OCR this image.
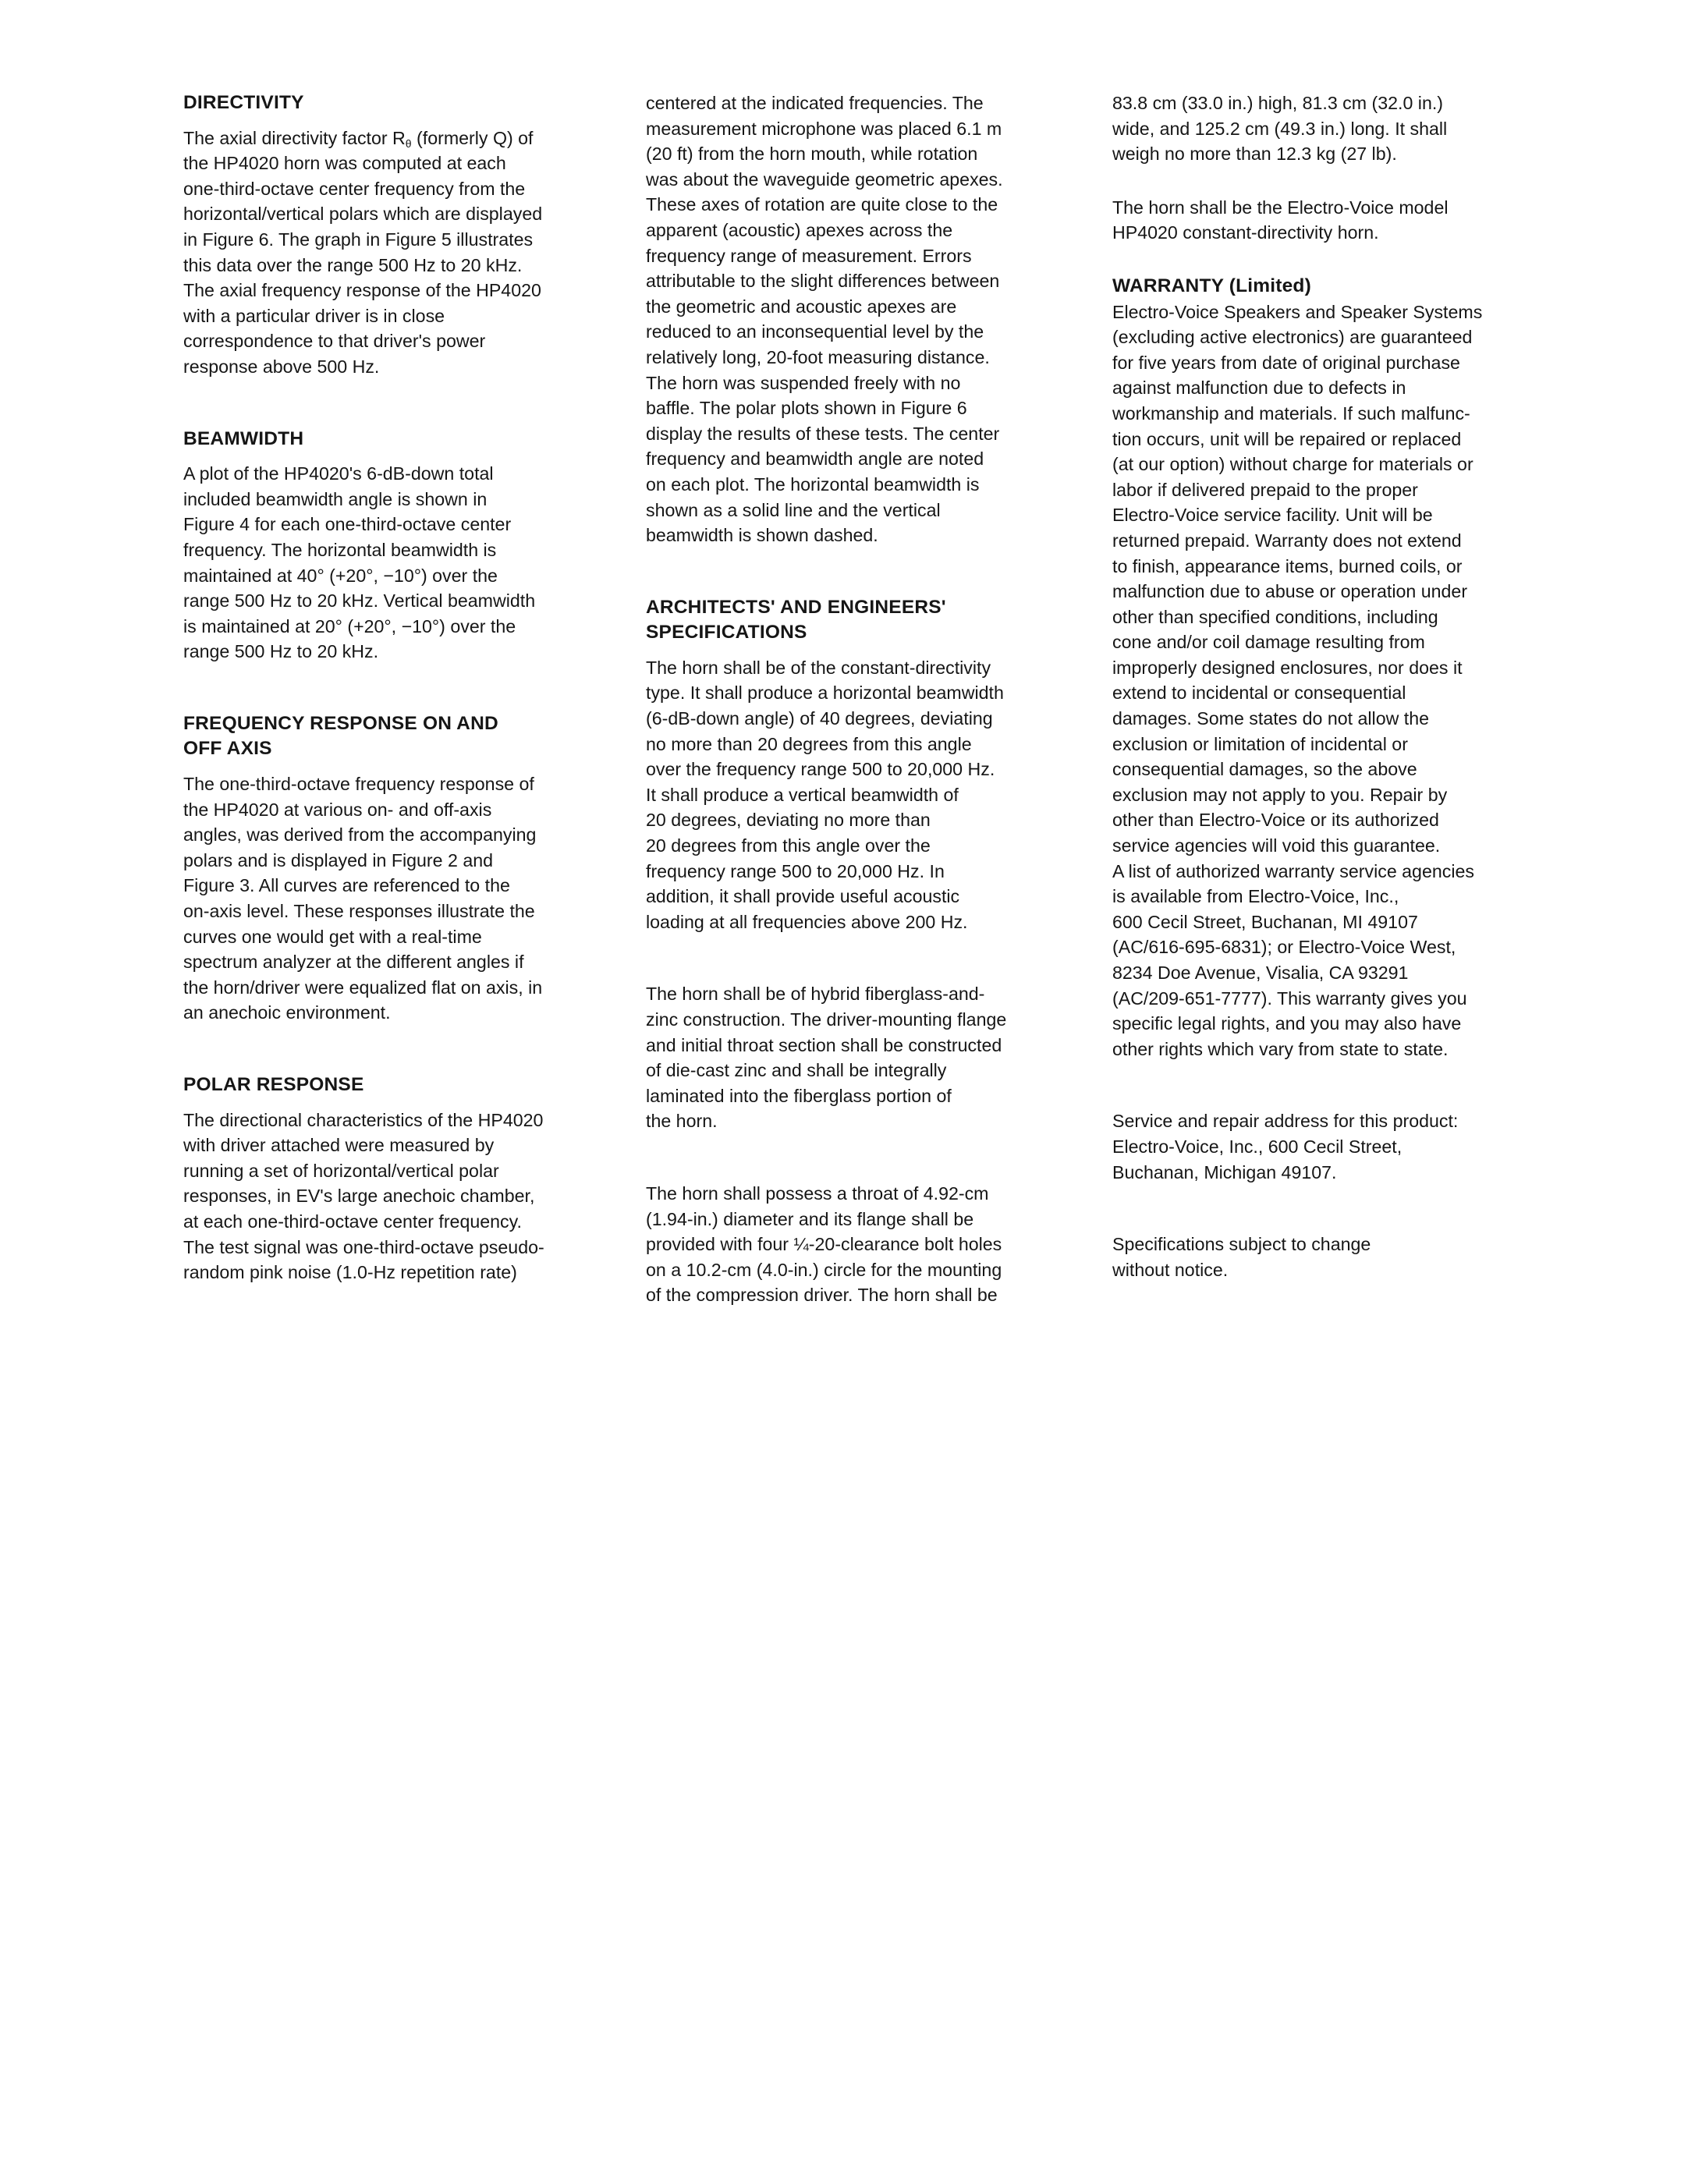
DIRECTIVITY
The axial directivity factor $R_\theta$ (formerly Q) of
the HP4020 horn was computed at each
one-third-octave center frequency from the
horizontal/vertical polars which are displayed
in Figure 6. The graph in Figure 5 illustrates
this data over the range 500 Hz to 20 kHz.
The axial frequency response of the HP4020
with a particular driver is in close
correspondence to that driver's power
response above 500 Hz.
BEAMWIDTH
A plot of the HP4020's 6-dB-down total
included beamwidth angle is shown in
Figure 4 for each one-third-octave center
frequency. The horizontal beamwidth is
maintained at 40° (+20°, −10°) over the
range 500 Hz to 20 kHz. Vertical beamwidth
is maintained at 20° (+20°, −10°) over the
range 500 Hz to 20 kHz.
FREQUENCY RESPONSE ON AND
OFF AXIS
The one-third-octave frequency response of
the HP4020 at various on- and off-axis
angles, was derived from the accompanying
polars and is displayed in Figure 2 and
Figure 3. All curves are referenced to the
on-axis level. These responses illustrate the
curves one would get with a real-time
spectrum analyzer at the different angles if
the horn/driver were equalized flat on axis, in
an anechoic environment.
POLAR RESPONSE
The directional characteristics of the HP4020
with driver attached were measured by
running a set of horizontal/vertical polar
responses, in EV's large anechoic chamber,
at each one-third-octave center frequency.
The test signal was one-third-octave pseudo-
random pink noise (1.0-Hz repetition rate)
centered at the indicated frequencies. The
measurement microphone was placed 6.1 m
(20 ft) from the horn mouth, while rotation
was about the waveguide geometric apexes.
These axes of rotation are quite close to the
apparent (acoustic) apexes across the
frequency range of measurement. Errors
attributable to the slight differences between
the geometric and acoustic apexes are
reduced to an inconsequential level by the
relatively long, 20-foot measuring distance.
The horn was suspended freely with no
baffle. The polar plots shown in Figure 6
display the results of these tests. The center
frequency and beamwidth angle are noted
on each plot. The horizontal beamwidth is
shown as a solid line and the vertical
beamwidth is shown dashed.
ARCHITECTS' AND ENGINEERS'
SPECIFICATIONS
The horn shall be of the constant-directivity
type. It shall produce a horizontal beamwidth
(6-dB-down angle) of 40 degrees, deviating
no more than 20 degrees from this angle
over the frequency range 500 to 20,000 Hz.
It shall produce a vertical beamwidth of
20 degrees, deviating no more than
20 degrees from this angle over the
frequency range 500 to 20,000 Hz. In
addition, it shall provide useful acoustic
loading at all frequencies above 200 Hz.
The horn shall be of hybrid fiberglass-and-
zinc construction. The driver-mounting flange
and initial throat section shall be constructed
of die-cast zinc and shall be integrally
laminated into the fiberglass portion of
the horn.
The horn shall possess a throat of 4.92-cm
(1.94-in.) diameter and its flange shall be
provided with four ¼-20-clearance bolt holes
on a 10.2-cm (4.0-in.) circle for the mounting
of the compression driver. The horn shall be
83.8 cm (33.0 in.) high, 81.3 cm (32.0 in.)
wide, and 125.2 cm (49.3 in.) long. It shall
weigh no more than 12.3 kg (27 lb).
The horn shall be the Electro-Voice model
HP4020 constant-directivity horn.
WARRANTY (Limited)
Electro-Voice Speakers and Speaker Systems
(excluding active electronics) are guaranteed
for five years from date of original purchase
against malfunction due to defects in
workmanship and materials. If such malfunc-
tion occurs, unit will be repaired or replaced
(at our option) without charge for materials or
labor if delivered prepaid to the proper
Electro-Voice service facility. Unit will be
returned prepaid. Warranty does not extend
to finish, appearance items, burned coils, or
malfunction due to abuse or operation under
other than specified conditions, including
cone and/or coil damage resulting from
improperly designed enclosures, nor does it
extend to incidental or consequential
damages. Some states do not allow the
exclusion or limitation of incidental or
consequential damages, so the above
exclusion may not apply to you. Repair by
other than Electro-Voice or its authorized
service agencies will void this guarantee.
A list of authorized warranty service agencies
is available from Electro-Voice, Inc.,
600 Cecil Street, Buchanan, MI 49107
(AC/616-695-6831); or Electro-Voice West,
8234 Doe Avenue, Visalia, CA 93291
(AC/209-651-7777). This warranty gives you
specific legal rights, and you may also have
other rights which vary from state to state.
Service and repair address for this product:
Electro-Voice, Inc., 600 Cecil Street,
Buchanan, Michigan 49107.
Specifications subject to change
without notice.
